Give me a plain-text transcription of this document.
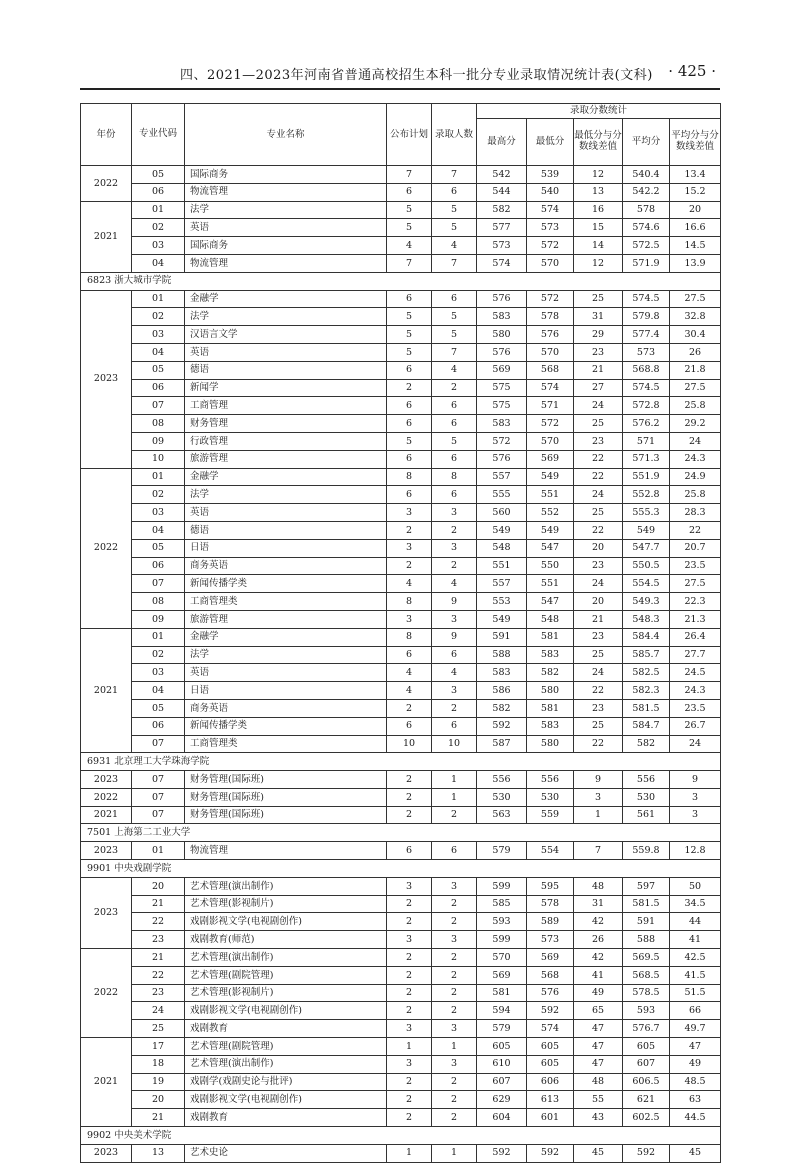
四、2021—2023年河南省普通高校招生本科一批分专业录取情况统计表(文科) · 425 ·
年份	专业代码	专业名称	公布计划	录取人数	录取分数统计				
					最高分	最低分	最低分与分数线差值	平均分	平均分与分数线差值
2022	05	国际商务	7	7	542	539	12	540.4	13.4
	06	物流管理	6	6	544	540	13	542.2	15.2
2021	01	法学	5	5	582	574	16	578	20
	02	英语	5	5	577	573	15	574.6	16.6
	03	国际商务	4	4	573	572	14	572.5	14.5
	04	物流管理	7	7	574	570	12	571.9	13.9
6823 浙大城市学院									
2023	01	金融学	6	6	576	572	25	574.5	27.5
	02	法学	5	5	583	578	31	579.8	32.8
	03	汉语言文学	5	5	580	576	29	577.4	30.4
	04	英语	5	7	576	570	23	573	26
	05	德语	6	4	569	568	21	568.8	21.8
	06	新闻学	2	2	575	574	27	574.5	27.5
	07	工商管理	6	6	575	571	24	572.8	25.8
	08	财务管理	6	6	583	572	25	576.2	29.2
	09	行政管理	5	5	572	570	23	571	24
	10	旅游管理	6	6	576	569	22	571.3	24.3
2022	01	金融学	8	8	557	549	22	551.9	24.9
	02	法学	6	6	555	551	24	552.8	25.8
	03	英语	3	3	560	552	25	555.3	28.3
	04	德语	2	2	549	549	22	549	22
	05	日语	3	3	548	547	20	547.7	20.7
	06	商务英语	2	2	551	550	23	550.5	23.5
	07	新闻传播学类	4	4	557	551	24	554.5	27.5
	08	工商管理类	8	9	553	547	20	549.3	22.3
	09	旅游管理	3	3	549	548	21	548.3	21.3
2021	01	金融学	8	9	591	581	23	584.4	26.4
	02	法学	6	6	588	583	25	585.7	27.7
	03	英语	4	4	583	582	24	582.5	24.5
	04	日语	4	3	586	580	22	582.3	24.3
	05	商务英语	2	2	582	581	23	581.5	23.5
	06	新闻传播学类	6	6	592	583	25	584.7	26.7
	07	工商管理类	10	10	587	580	22	582	24
6931 北京理工大学珠海学院									
2023	07	财务管理(国际班)	2	1	556	556	9	556	9
2022	07	财务管理(国际班)	2	1	530	530	3	530	3
2021	07	财务管理(国际班)	2	2	563	559	1	561	3
7501 上海第二工业大学									
2023	01	物流管理	6	6	579	554	7	559.8	12.8
9901 中央戏剧学院									
2023	20	艺术管理(演出制作)	3	3	599	595	48	597	50
	21	艺术管理(影视制片)	2	2	585	578	31	581.5	34.5
	22	戏剧影视文学(电视剧创作)	2	2	593	589	42	591	44
	23	戏剧教育(师范)	3	3	599	573	26	588	41
2022	21	艺术管理(演出制作)	2	2	570	569	42	569.5	42.5
	22	艺术管理(剧院管理)	2	2	569	568	41	568.5	41.5
	23	艺术管理(影视制片)	2	2	581	576	49	578.5	51.5
	24	戏剧影视文学(电视剧创作)	2	2	594	592	65	593	66
	25	戏剧教育	3	3	579	574	47	576.7	49.7
2021	17	艺术管理(剧院管理)	1	1	605	605	47	605	47
	18	艺术管理(演出制作)	3	3	610	605	47	607	49
	19	戏剧学(戏剧史论与批评)	2	2	607	606	48	606.5	48.5
	20	戏剧影视文学(电视剧创作)	2	2	629	613	55	621	63
	21	戏剧教育	2	2	604	601	43	602.5	44.5
9902 中央美术学院									
2023	13	艺术史论	1	1	592	592	45	592	45
